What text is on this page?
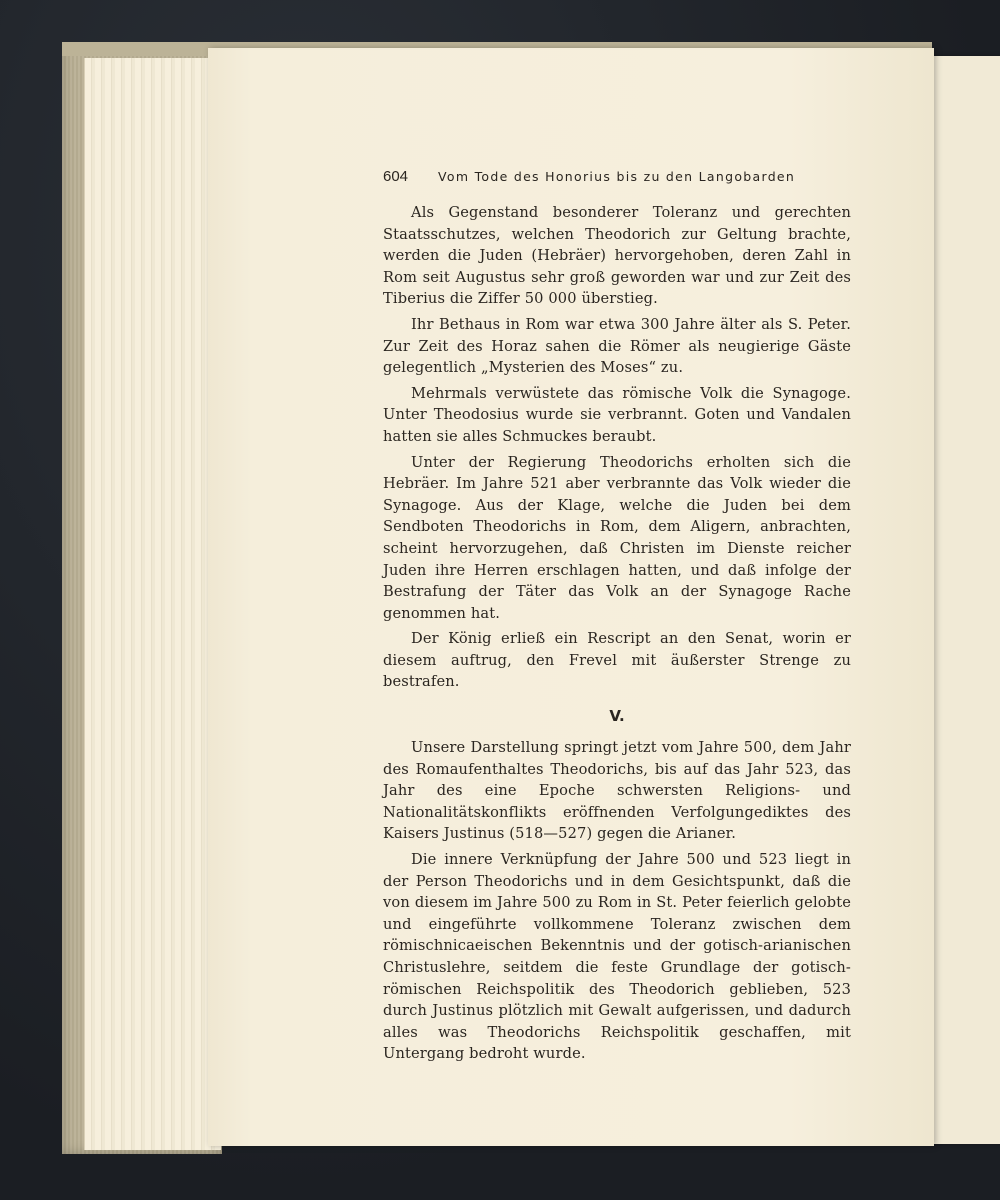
604	Vom Tode des Honorius bis zu den Langobarden

Als Gegenstand besonderer Toleranz und gerechten Staatsschutzes, welchen Theodorich zur Geltung brachte, werden die Juden (Hebräer) hervorgehoben, deren Zahl in Rom seit Augustus sehr groß geworden war und zur Zeit des Tiberius die Ziffer 50 000 überstieg.

Ihr Bethaus in Rom war etwa 300 Jahre älter als S. Peter. Zur Zeit des Horaz sahen die Römer als neugierige Gäste gelegentlich „Mysterien des Moses“ zu.

Mehrmals verwüstete das römische Volk die Synagoge. Unter Theodosius wurde sie verbrannt. Goten und Vandalen hatten sie alles Schmuckes beraubt.

Unter der Regierung Theodorichs erholten sich die Hebräer. Im Jahre 521 aber verbrannte das Volk wieder die Synagoge. Aus der Klage, welche die Juden bei dem Sendboten Theodorichs in Rom, dem Aligern, anbrachten, scheint hervorzugehen, daß Christen im Dienste reicher Juden ihre Herren erschlagen hatten, und daß infolge der Bestrafung der Täter das Volk an der Synagoge Rache genommen hat.

Der König erließ ein Rescript an den Senat, worin er diesem auftrug, den Frevel mit äußerster Strenge zu bestrafen.

V.

Unsere Darstellung springt jetzt vom Jahre 500, dem Jahr des Romaufenthaltes Theodorichs, bis auf das Jahr 523, das Jahr des eine Epoche schwersten Religions- und Nationalitätskonflikts eröffnenden Verfolgungediktes des Kaisers Justinus (518—527) gegen die Arianer.

Die innere Verknüpfung der Jahre 500 und 523 liegt in der Person Theodorichs und in dem Gesichtspunkt, daß die von diesem im Jahre 500 zu Rom in St. Peter feierlich gelobte und eingeführte vollkommene Toleranz zwischen dem römischnicaeischen Bekenntnis und der gotisch-arianischen Christuslehre, seitdem die feste Grundlage der gotisch-römischen Reichspolitik des Theodorich geblieben, 523 durch Justinus plötzlich mit Gewalt aufgerissen, und dadurch alles was Theodorichs Reichspolitik geschaffen, mit Untergang bedroht wurde.
